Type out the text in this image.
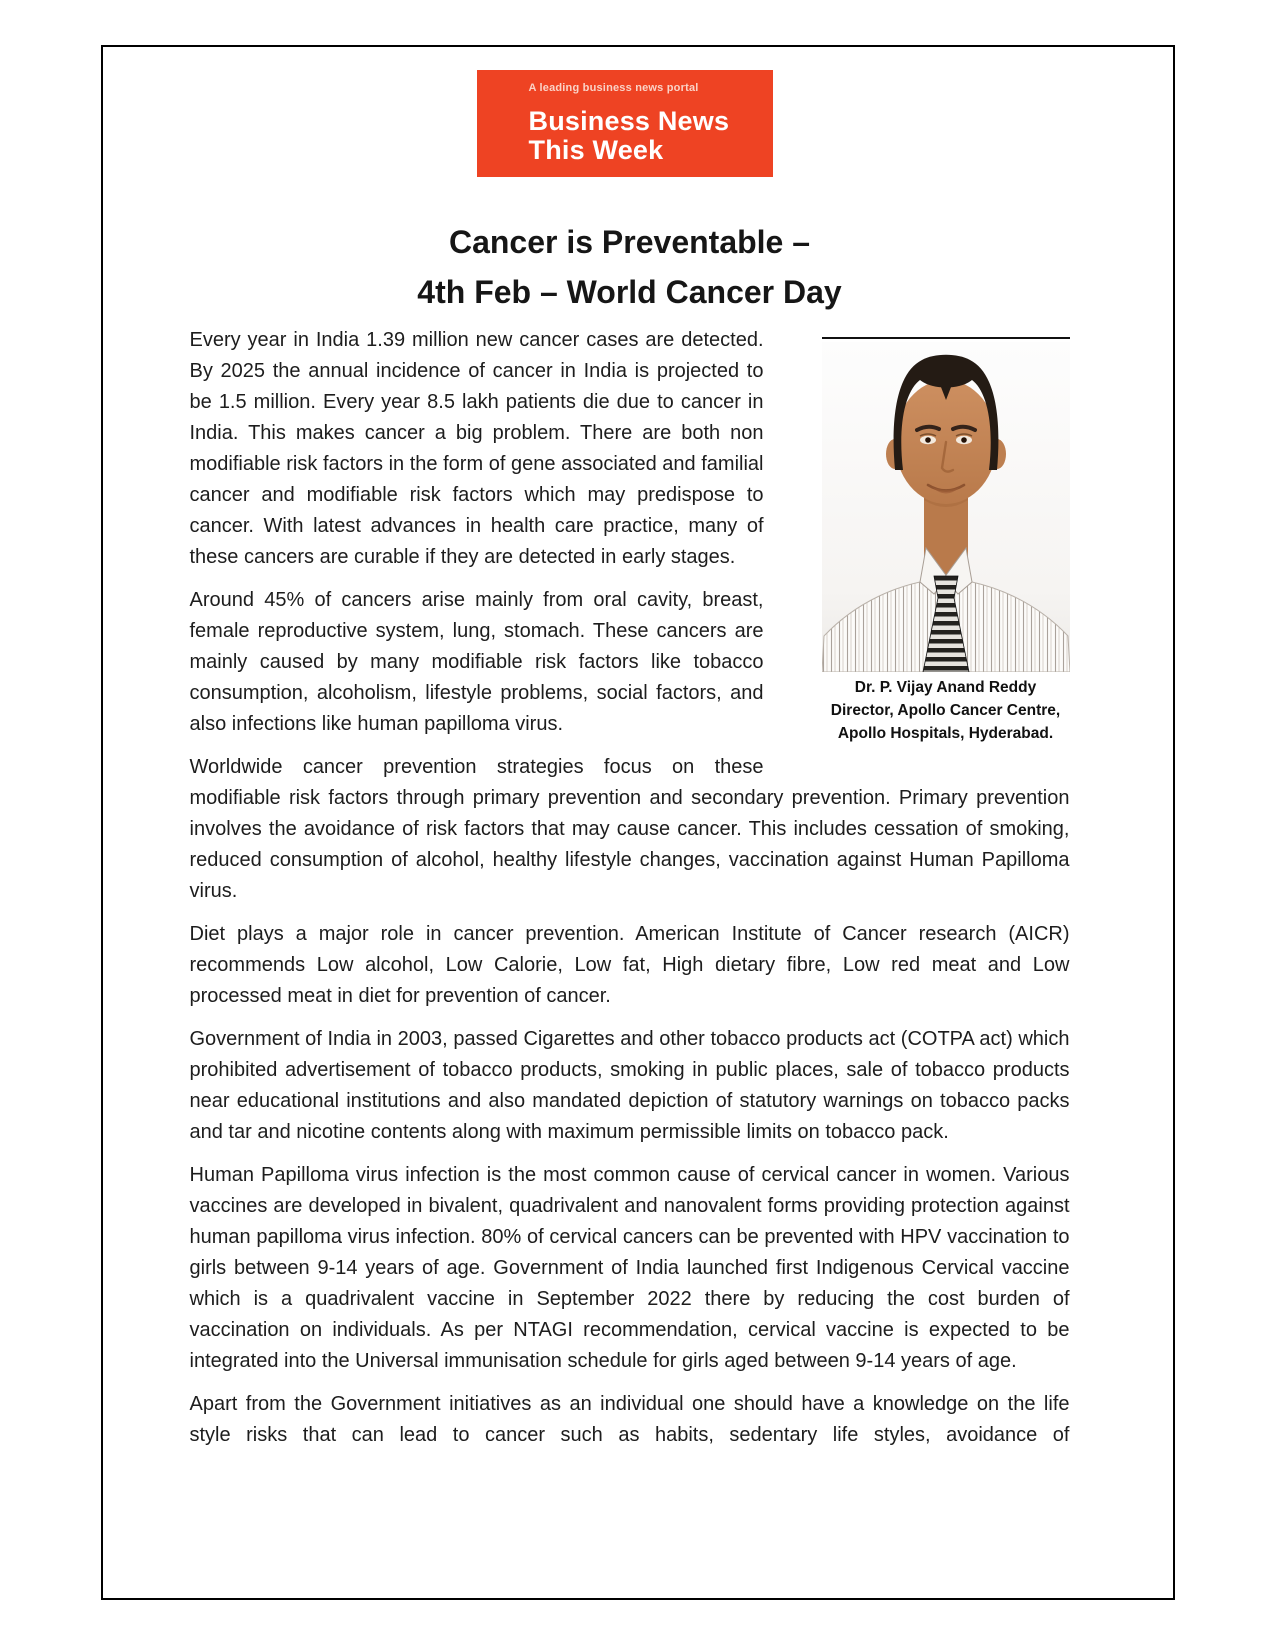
A leading business news portal
Business News
This Week
Cancer is Preventable –
4th Feb – World Cancer Day
Dr. P. Vijay Anand Reddy
Director, Apollo Cancer Centre,
Apollo Hospitals, Hyderabad.

Every year in India 1.39 million new cancer cases are detected. By 2025 the annual incidence of cancer in India is projected to be 1.5 million. Every year 8.5 lakh patients die due to cancer in India. This makes cancer a big problem. There are both non modifiable risk factors in the form of gene associated and familial cancer and modifiable risk factors which may predispose to cancer. With latest advances in health care practice, many of these cancers are curable if they are detected in early stages.

Around 45% of cancers arise mainly from oral cavity, breast, female reproductive system, lung, stomach. These cancers are mainly caused by many modifiable risk factors like tobacco consumption, alcoholism, lifestyle problems, social factors, and also infections like human papilloma virus.

Worldwide cancer prevention strategies focus on these modifiable risk factors through primary prevention and secondary prevention. Primary prevention involves the avoidance of risk factors that may cause cancer. This includes cessation of smoking, reduced consumption of alcohol, healthy lifestyle changes, vaccination against Human Papilloma virus.

Diet plays a major role in cancer prevention. American Institute of Cancer research (AICR) recommends Low alcohol, Low Calorie, Low fat, High dietary fibre, Low red meat and Low processed meat in diet for prevention of cancer.

Government of India in 2003, passed Cigarettes and other tobacco products act (COTPA act) which prohibited advertisement of tobacco products, smoking in public places, sale of tobacco products near educational institutions and also mandated depiction of statutory warnings on tobacco packs and tar and nicotine contents along with maximum permissible limits on tobacco pack.

Human Papilloma virus infection is the most common cause of cervical cancer in women. Various vaccines are developed in bivalent, quadrivalent and nanovalent forms providing protection against human papilloma virus infection. 80% of cervical cancers can be prevented with HPV vaccination to girls between 9-14 years of age. Government of India launched first Indigenous Cervical vaccine which is a quadrivalent vaccine in September 2022 there by reducing the cost burden of vaccination on individuals. As per NTAGI recommendation, cervical vaccine is expected to be integrated into the Universal immunisation schedule for girls aged between 9-14 years of age.

Apart from the Government initiatives as an individual one should have a knowledge on the life style risks that can lead to cancer such as habits, sedentary life styles, avoidance of
